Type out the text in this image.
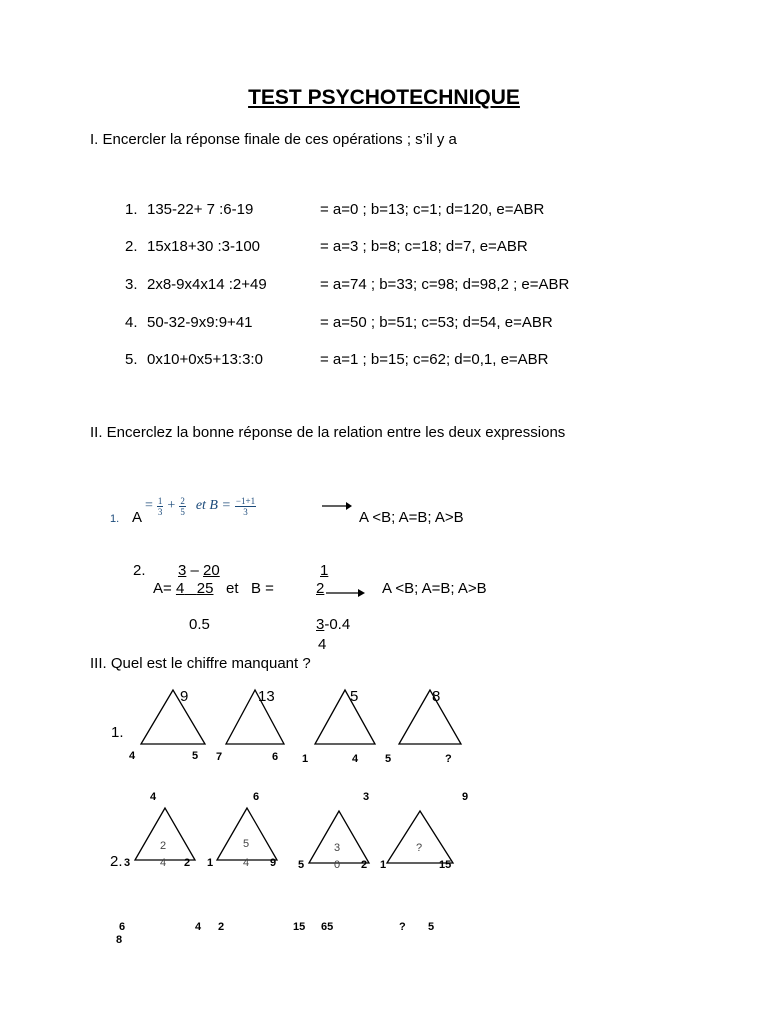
TEST PSYCHOTECHNIQUE
I. Encercler la réponse finale de ces opérations ; s’il y a
1. 135-22+ 7 :6-19	= a=0 ; b=13; c=1; d=120, e=ABR
2. 15x18+30 :3-100	= a=3 ; b=8; c=18; d=7, e=ABR
3. 2x8-9x4x14 :2+49	= a=74 ; b=33; c=98; d=98,2 ; e=ABR
4. 50-32-9x9:9+41	= a=50 ; b=51; c=53; d=54, e=ABR
5. 0x10+0x5+13:3:0	= a=1 ; b=15; c=62; d=0,1, e=ABR
II. Encerclez la bonne réponse de la relation entre les deux expressions
1. A
= $\frac{1}{3} + \frac{2}{5}$ et $B = \frac{-1+1}{3}$
A <B; A=B; A>B
2. 3 – 20
A= 4 25   et   B =
0.5
1
2	A <B; A=B; A>B
3-0.4
4
III. Quel est le chiffre manquant ?
1.
9
4	5
13
7	6
5
1	4
8
5	?
2.
4
2
4
3	2
6
5
4
1	9
3
3
0
5	2
9
?
1	15
6
8
4 2	15 65	? 5
